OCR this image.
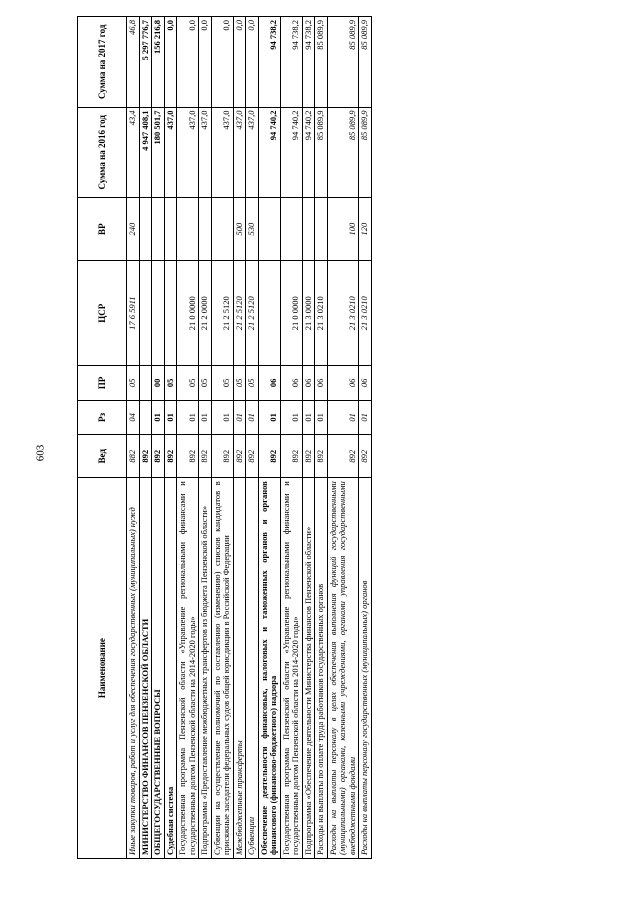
603
Наименование	Вед	Рз	ПР	ЦСР	ВР	Сумма на 2016 год	Сумма на 2017 год
Иные закупки товаров, работ и услуг для обеспечения государственных (муниципальных) нужд	882	04	05	17 6 5911	240	43,4	46,8
МИНИСТЕРСТВО ФИНАНСОВ ПЕНЗЕНСКОЙ ОБЛАСТИ	892					4 947 408,1	5 297 776,7
ОБЩЕГОСУДАРСТВЕННЫЕ ВОПРОСЫ	892	01	00			180 501,7	156 216,8
Судебная система	892	01	05			437,0	0,0
Государственная программа Пензенской области «Управление региональными финансами и государственным долгом Пензенской области на 2014-2020 годы»	892	01	05	21 0 0000		437,0	0,0
Подпрограмма «Предоставление межбюджетных трансфертов из бюджета Пензенской области»	892	01	05	21 2 0000		437,0	0,0
Субвенции на осуществление полномочий по составлению (изменению) списков кандидатов в присяжные заседатели федеральных судов общей юрисдикции в Российской Федерации	892	01	05	21 2 5120		437,0	0,0
Межбюджетные трансферты	892	01	05	21 2 5120	500	437,0	0,0
Субвенции	892	01	05	21 2 5120	530	437,0	0,0
Обеспечение деятельности финансовых, налоговых и таможенных органов и органов финансового (финансово-бюджетного) надзора	892	01	06			94 740,2	94 738,2
Государственная программа Пензенской области «Управление региональными финансами и государственным долгом Пензенской области на 2014-2020 годы»	892	01	06	21 0 0000		94 740,2	94 738,2
Подпрограмма «Обеспечение деятельности Министерства финансов Пензенской области»	892	01	06	21 3 0000		94 740,2	94 738,2
Расходы на выплаты по оплате труда работников государственных органов	892	01	06	21 3 0210		85 089,9	85 089,9
Расходы на выплаты персоналу в целях обеспечения выполнения функций государственными (муниципальными) органами, казенными учреждениями, органами управления государственными внебюджетными фондами	892	01	06	21 3 0210	100	85 089,9	85 089,9
Расходы на выплаты персоналу государственных (муниципальных) органов	892	01	06	21 3 0210	120	85 089,9	85 089,9
